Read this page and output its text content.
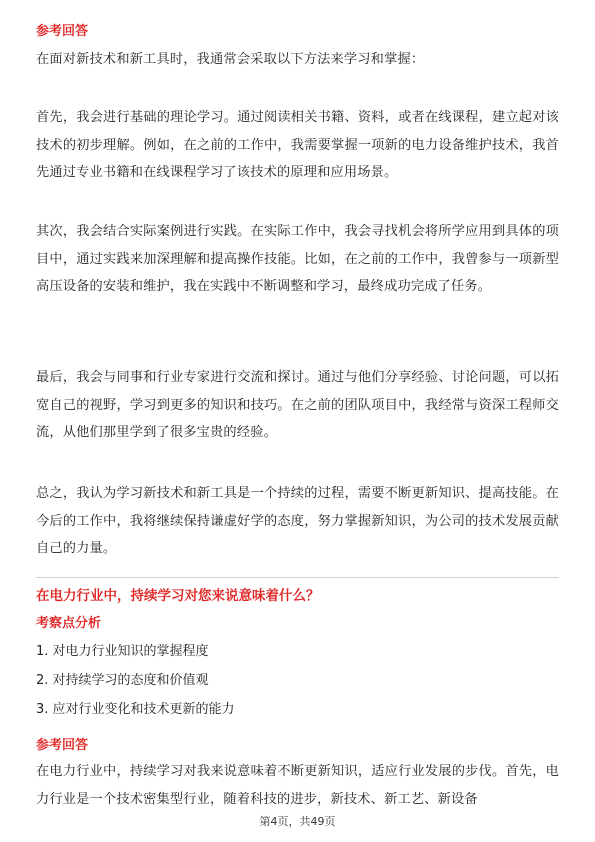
参考回答
在面对新技术和新工具时，我通常会采取以下方法来学习和掌握：
首先，我会进行基础的理论学习。通过阅读相关书籍、资料，或者在线课程，建立起对该技术的初步理解。例如，在之前的工作中，我需要掌握一项新的电力设备维护技术，我首先通过专业书籍和在线课程学习了该技术的原理和应用场景。
其次，我会结合实际案例进行实践。在实际工作中，我会寻找机会将所学应用到具体的项目中，通过实践来加深理解和提高操作技能。比如，在之前的工作中，我曾参与一项新型高压设备的安装和维护，我在实践中不断调整和学习，最终成功完成了任务。
最后，我会与同事和行业专家进行交流和探讨。通过与他们分享经验、讨论问题，可以拓宽自己的视野，学习到更多的知识和技巧。在之前的团队项目中，我经常与资深工程师交流，从他们那里学到了很多宝贵的经验。
总之，我认为学习新技术和新工具是一个持续的过程，需要不断更新知识、提高技能。在今后的工作中，我将继续保持谦虚好学的态度，努力掌握新知识，为公司的技术发展贡献自己的力量。
在电力行业中，持续学习对您来说意味着什么？
考察点分析
1. 对电力行业知识的掌握程度
2. 对持续学习的态度和价值观
3. 应对行业变化和技术更新的能力
参考回答
在电力行业中，持续学习对我来说意味着不断更新知识，适应行业发展的步伐。首先，电力行业是一个技术密集型行业，随着科技的进步，新技术、新工艺、新设备
第4页，共49页
